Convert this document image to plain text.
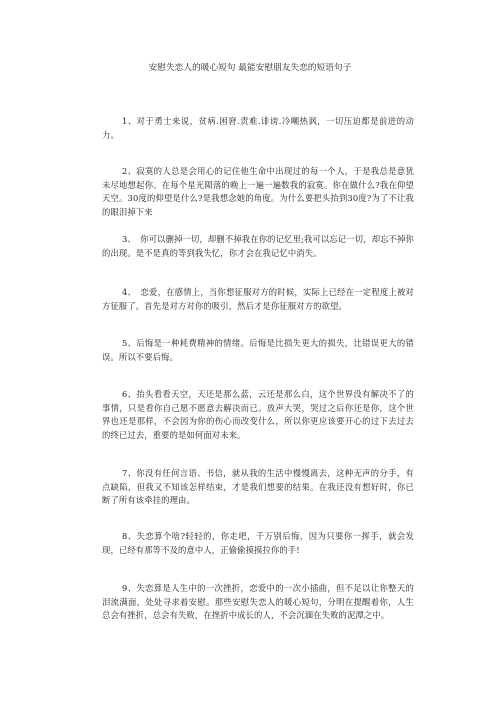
安慰失恋人的暖心短句 最能安慰朋友失恋的短语句子

1、对于勇士来说，贫病.困窘.责难.诽谤.冷嘲热讽，一切压迫都是前进的动力。

2、寂寞的人总是会用心的记住他生命中出现过的每一个人，于是我总是意犹未尽地想起你。在每个星光陨落的晚上一遍一遍数我的寂寞。你在做什么?我在仰望天空。30度的仰望是什么?是我想念她的角度。为什么要把头抬到30度?为了不让我的眼泪掉下来

3、　你可以删掉一切，却删不掉我在你的记忆里;我可以忘记一切，却忘不掉你的出现。是不是真的等到我失忆，你才会在我记忆中消失。

4、　恋爱，在感情上，当你想征服对方的时候，实际上已经在一定程度上被对方征服了。首先是对方对你的吸引，然后才是你征服对方的欲望。

5、后悔是一种耗费精神的情绪。后悔是比损失更大的损失，比错误更大的错误。所以不要后悔。

6、抬头看看天空，天还是那么蓝，云还是那么白，这个世界没有解决不了的事情，只是看你自己愿不愿意去解决而已。放声大哭，哭过之后你还是你，这个世界也还是那样，不会因为你的伤心而改变什么，所以你更应该要开心的过下去过去的终已过去，重要的是如何面对未来。

7、你没有任何言语、书信，就从我的生活中慢慢离去，这种无声的分手，有点缺陷，但我又不知该怎样结束，才是我们想要的结果。在我还没有想好时，你已断了所有该牵挂的理由。

8、失恋算个啥?轻轻的，你走吧，千万别后悔，因为只要你一挥手，就会发现，已经有那等不及的意中人，正偷偷摸摸拉你的手!

9、失恋算是人生中的一次挫折，恋爱中的一次小插曲，但不足以让你整天的泪流满面，处处寻求着安慰。那些安慰失恋人的暖心短句，分明在提醒着你，人生总会有挫折，总会有失败，在挫折中成长的人，不会沉湎在失败的泥潭之中。
